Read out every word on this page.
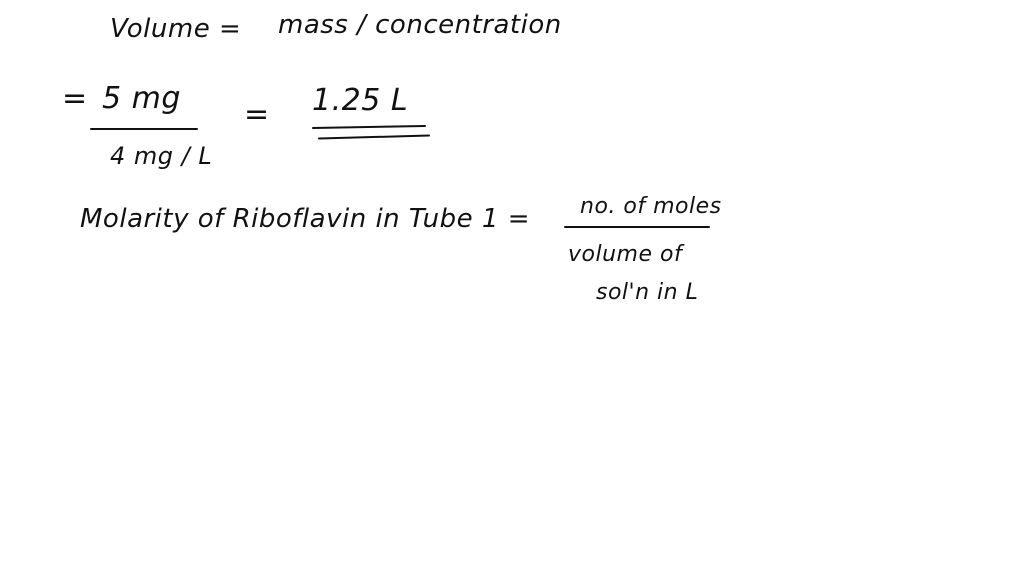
Volume = mass / concentration
= 5 mg
4 mg / L
= 1.25 L
Molarity of Riboflavin in Tube 1 = no. of moles
volume of
sol'n in L
